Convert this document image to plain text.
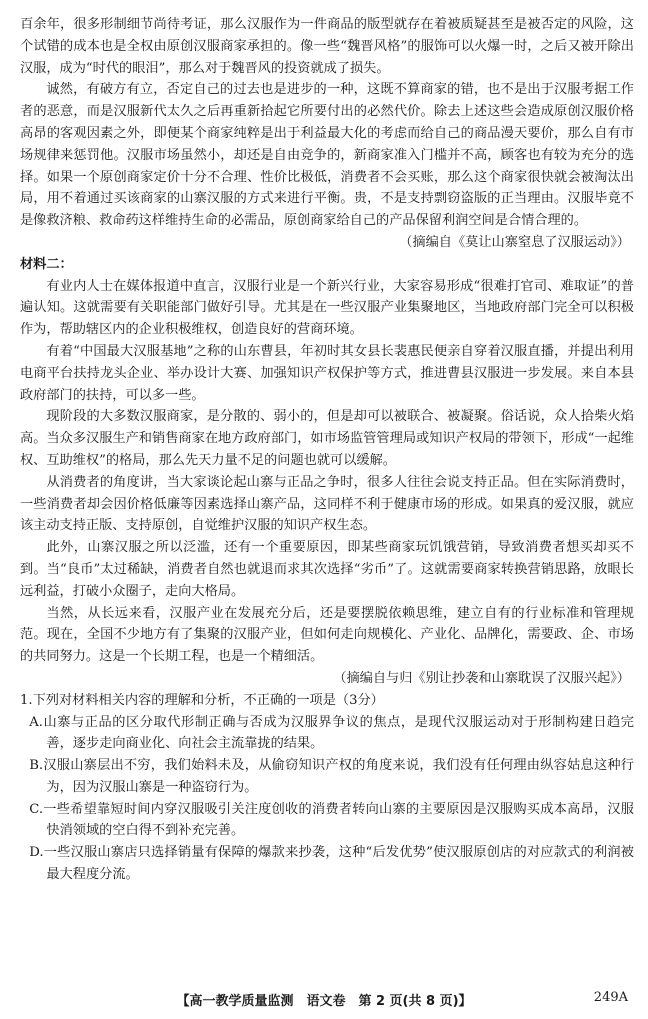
百余年，很多形制细节尚待考证，那么汉服作为一件商品的版型就存在着被质疑甚至是被否定的风险，这个试错的成本也是全权由原创汉服商家承担的。像一些“魏晋风格”的服饰可以火爆一时，之后又被开除出汉服，成为“时代的眼泪”，那么对于魏晋风的投资就成了损失。

诚然，有破方有立，否定自己的过去也是进步的一种，这既不算商家的错，也不是出于汉服考据工作者的恶意，而是汉服新代太久之后再重新拾起它所要付出的必然代价。除去上述这些会造成原创汉服价格高昂的客观因素之外，即便某个商家纯粹是出于利益最大化的考虑而给自己的商品漫天要价，那么自有市场规律来惩罚他。汉服市场虽然小，却还是自由竞争的，新商家准入门槛并不高，顾客也有较为充分的选择。如果一个原创商家定价十分不合理、性价比极低，消费者不会买账，那么这个商家很快就会被淘汰出局，用不着通过买该商家的山寨汉服的方式来进行平衡。贵，不是支持剽窃盗版的正当理由。汉服毕竟不是像救济粮、救命药这样维持生命的必需品，原创商家给自己的产品保留利润空间是合情合理的。

（摘编自《莫让山寨窒息了汉服运动》）

材料二：

有业内人士在媒体报道中直言，汉服行业是一个新兴行业，大家容易形成“很难打官司、难取证”的普遍认知。这就需要有关职能部门做好引导。尤其是在一些汉服产业集聚地区，当地政府部门完全可以积极作为，帮助辖区内的企业积极维权，创造良好的营商环境。

有着“中国最大汉服基地”之称的山东曹县，年初时其女县长裴惠民便亲自穿着汉服直播，并提出利用电商平台扶持龙头企业、举办设计大赛、加强知识产权保护等方式，推进曹县汉服进一步发展。来自本县政府部门的扶持，可以多一些。

现阶段的大多数汉服商家，是分散的、弱小的，但是却可以被联合、被凝聚。俗话说，众人拾柴火焰高。当众多汉服生产和销售商家在地方政府部门，如市场监管管理局或知识产权局的带领下，形成“一起维权、互助维权”的格局，那么先天力量不足的问题也就可以缓解。

从消费者的角度讲，当大家谈论起山寨与正品之争时，很多人往往会说支持正品。但在实际消费时，一些消费者却会因价格低廉等因素选择山寨产品，这同样不利于健康市场的形成。如果真的爱汉服，就应该主动支持正版、支持原创，自觉维护汉服的知识产权生态。

此外，山寨汉服之所以泛滥，还有一个重要原因，即某些商家玩饥饿营销，导致消费者想买却买不到。当“良币”太过稀缺，消费者自然也就退而求其次选择“劣币”了。这就需要商家转换营销思路，放眼长远利益，打破小众圈子，走向大格局。

当然，从长远来看，汉服产业在发展充分后，还是要摆脱依赖思维，建立自有的行业标准和管理规范。现在，全国不少地方有了集聚的汉服产业，但如何走向规模化、产业化、品牌化，需要政、企、市场的共同努力。这是一个长期工程，也是一个精细活。

（摘编自与归《别让抄袭和山寨耽误了汉服兴起》）

1.下列对材料相关内容的理解和分析，不正确的一项是（3分）

A.山寨与正品的区分取代形制正确与否成为汉服界争议的焦点，是现代汉服运动对于形制构建日趋完善，逐步走向商业化、向社会主流靠拢的结果。

B.汉服山寨层出不穷，我们始料未及，从偷窃知识产权的角度来说，我们没有任何理由纵容姑息这种行为，因为汉服山寨是一种盗窃行为。

C.一些希望靠短时间内穿汉服吸引关注度创收的消费者转向山寨的主要原因是汉服购买成本高昂，汉服快消领域的空白得不到补充完善。

D.一些汉服山寨店只选择销量有保障的爆款来抄袭，这种“后发优势”使汉服原创店的对应款式的利润被最大程度分流。

【高一教学质量监测　语文卷　第 2 页(共 8 页)】	249A
